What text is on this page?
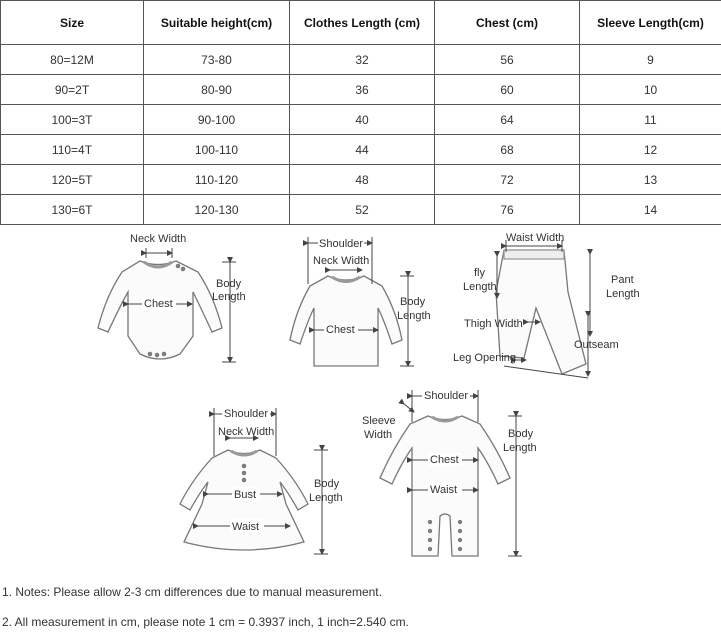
Size	Suitable height(cm)	Clothes Length (cm)	Chest (cm)	Sleeve Length(cm)
80=12M	73-80	32	56	9
90=2T	80-90	36	60	10
100=3T	90-100	40	64	11
110=4T	100-110	44	68	12
120=5T	110-120	48	72	13
130=6T	120-130	52	76	14
Neck Width
Body
Length
Chest
Shoulder
Neck Width
Body
Length
Chest
Waist Width
fly
Length
Pant
Length
Thigh Width
Outseam
Leg Opening
Shoulder
Neck Width
Body
Length
Bust
Waist
Shoulder
Sleeve
Width	Body
Length
Chest
Waist

1. Notes: Please allow 2-3 cm differences due to manual measurement.

2. All measurement in cm, please note 1 cm = 0.3937 inch, 1 inch=2.540 cm.
